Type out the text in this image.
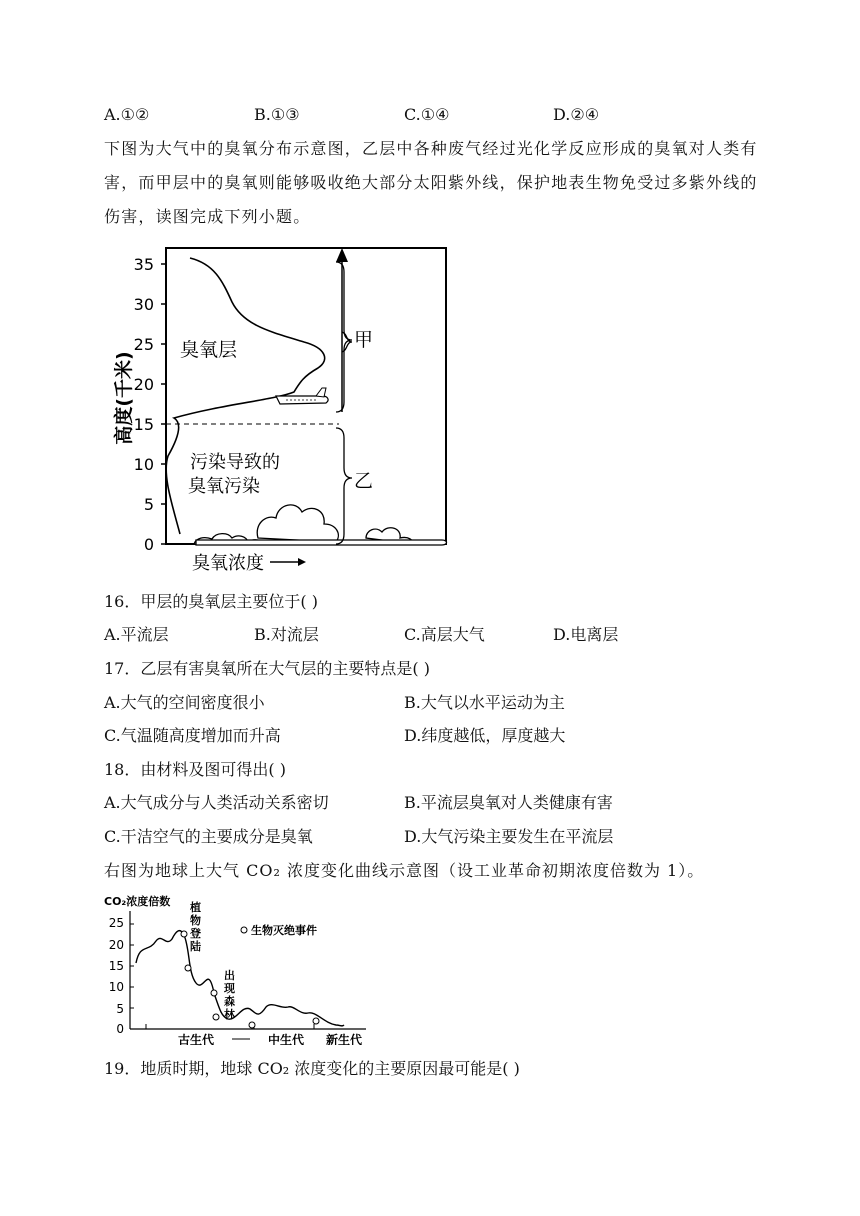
A.①②	B.①③	C.①④	D.②④
下图为大气中的臭氧分布示意图，乙层中各种废气经过光化学反应形成的臭氧对人类有害，而甲层中的臭氧则能够吸收绝大部分太阳紫外线，保护地表生物免受过多紫外线的伤害，读图完成下列小题。
高度(千米)
0
5
10
15
20
25
30
35
臭氧层
污染导致的
臭氧污染
甲
乙
臭氧浓度
16．甲层的臭氧层主要位于( )
A.平流层	B.对流层	C.高层大气	D.电离层
17．乙层有害臭氧所在大气层的主要特点是( )
A.大气的空间密度很小	B.大气以水平运动为主
C.气温随高度增加而升高	D.纬度越低，厚度越大
18．由材料及图可得出( )
A.大气成分与人类活动关系密切	B.平流层臭氧对人类健康有害
C.干洁空气的主要成分是臭氧	D.大气污染主要发生在平流层
右图为地球上大气 CO₂ 浓度变化曲线示意图（设工业革命初期浓度倍数为 1）。
CO₂浓度倍数
0
5
10
15
20
25
植
物
登
陆
出
现
森
林
生物灭绝事件
古生代	中生代 新生代
19．地质时期，地球 CO₂ 浓度变化的主要原因最可能是( )
